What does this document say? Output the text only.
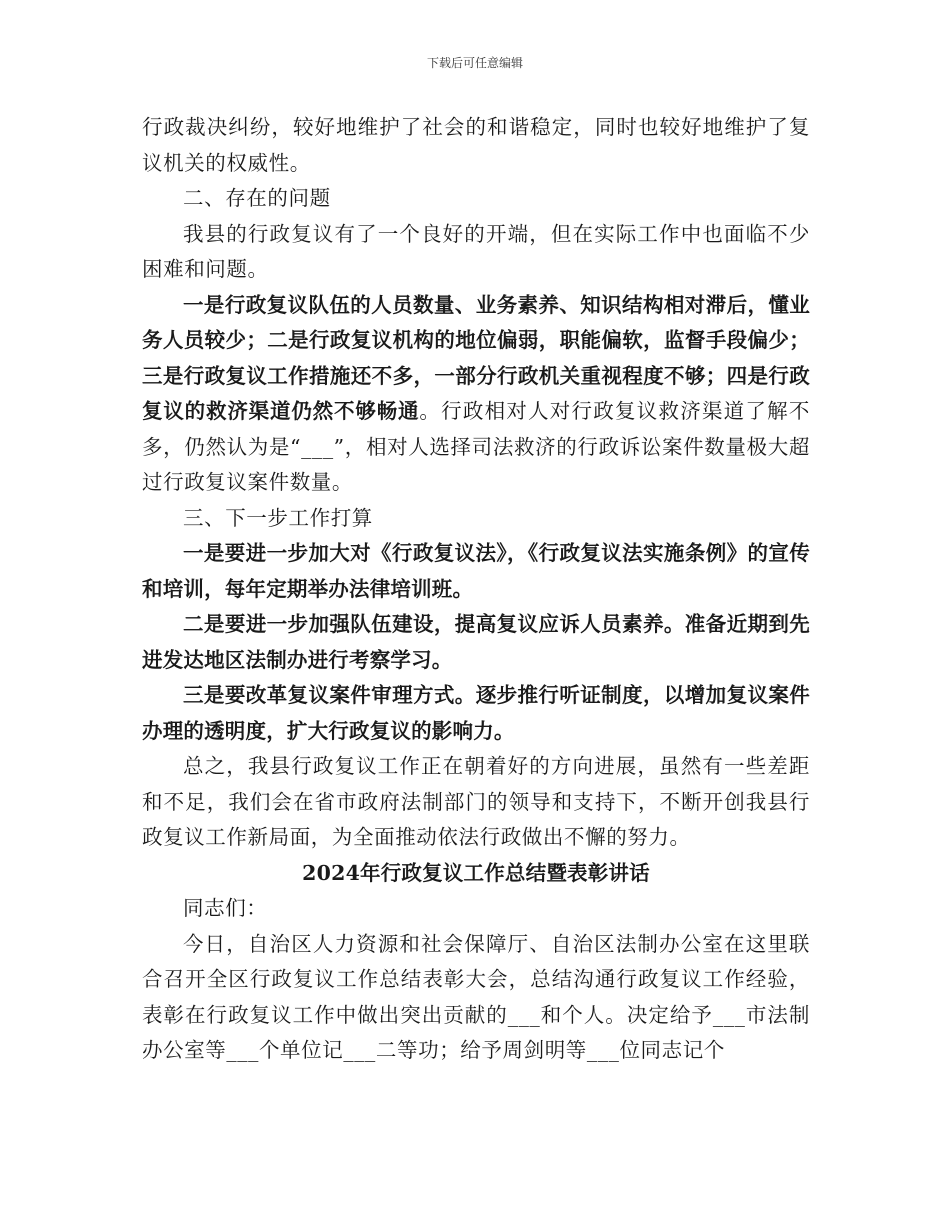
下载后可任意编辑

行政裁决纠纷，较好地维护了社会的和谐稳定，同时也较好地维护了复议机关的权威性。

二、存在的问题

我县的行政复议有了一个良好的开端，但在实际工作中也面临不少困难和问题。

一是行政复议队伍的人员数量、业务素养、知识结构相对滞后，懂业务人员较少；二是行政复议机构的地位偏弱，职能偏软，监督手段偏少；三是行政复议工作措施还不多，一部分行政机关重视程度不够；四是行政复议的救济渠道仍然不够畅通。行政相对人对行政复议救济渠道了解不多，仍然认为是“___”，相对人选择司法救济的行政诉讼案件数量极大超过行政复议案件数量。

三、下一步工作打算

一是要进一步加大对《行政复议法》，《行政复议法实施条例》的宣传和培训，每年定期举办法律培训班。

二是要进一步加强队伍建设，提高复议应诉人员素养。准备近期到先进发达地区法制办进行考察学习。

三是要改革复议案件审理方式。逐步推行听证制度，以增加复议案件办理的透明度，扩大行政复议的影响力。

总之，我县行政复议工作正在朝着好的方向进展，虽然有一些差距和不足，我们会在省市政府法制部门的领导和支持下，不断开创我县行政复议工作新局面，为全面推动依法行政做出不懈的努力。

2024年行政复议工作总结暨表彰讲话

同志们：

今日，自治区人力资源和社会保障厅、自治区法制办公室在这里联合召开全区行政复议工作总结表彰大会，总结沟通行政复议工作经验，表彰在行政复议工作中做出突出贡献的___和个人。决定给予___市法制办公室等___个单位记___二等功；给予周剑明等___位同志记个
